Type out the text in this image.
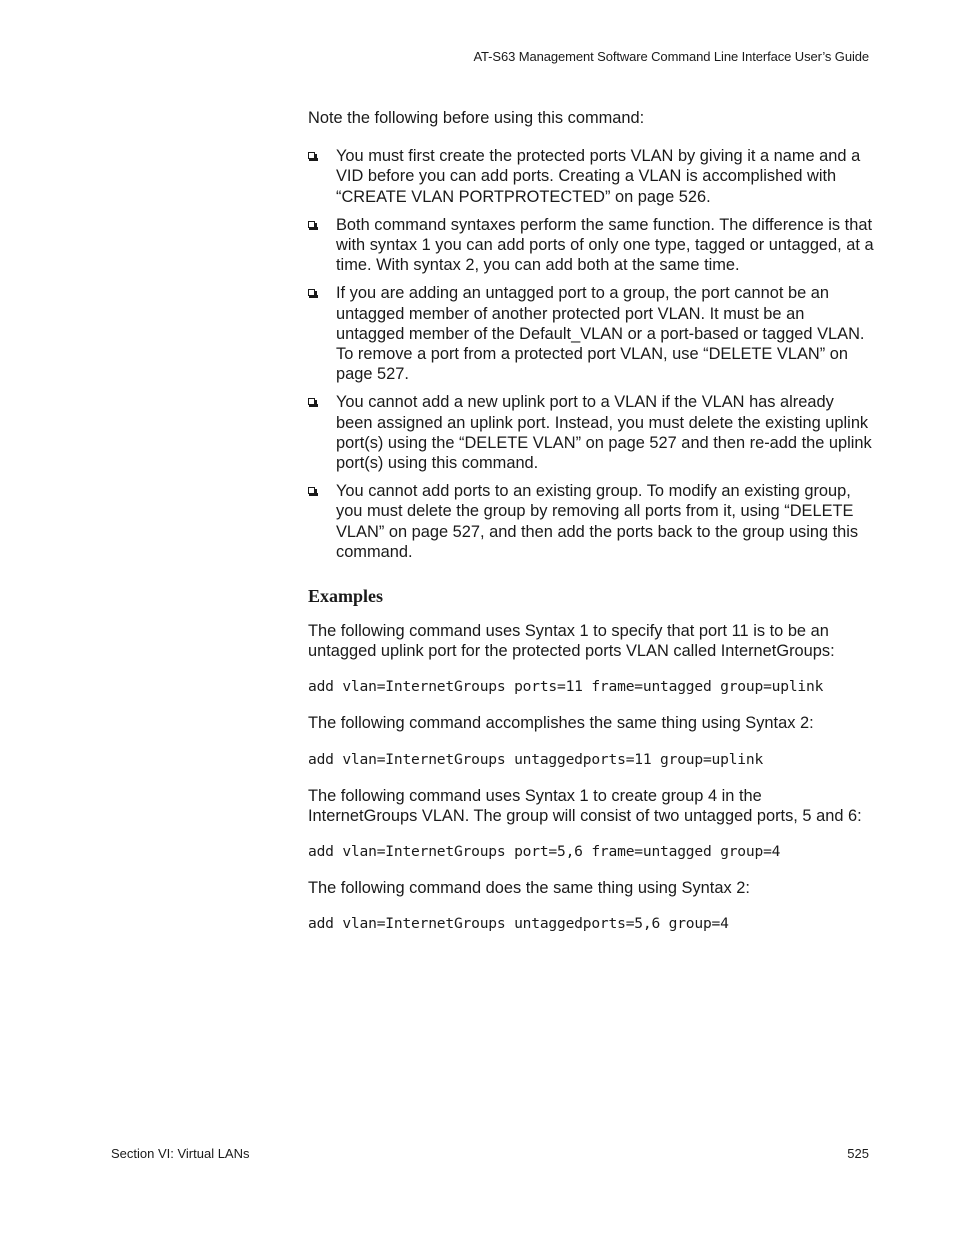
AT-S63 Management Software Command Line Interface User’s Guide

Note the following before using this command:

You must first create the protected ports VLAN by giving it a name and a VID before you can add ports. Creating a VLAN is accomplished with “CREATE VLAN PORTPROTECTED” on page 526.
Both command syntaxes perform the same function. The difference is that with syntax 1 you can add ports of only one type, tagged or untagged, at a time. With syntax 2, you can add both at the same time.
If you are adding an untagged port to a group, the port cannot be an untagged member of another protected port VLAN. It must be an untagged member of the Default_VLAN or a port-based or tagged VLAN. To remove a port from a protected port VLAN, use “DELETE VLAN” on page 527.
You cannot add a new uplink port to a VLAN if the VLAN has already been assigned an uplink port. Instead, you must delete the existing uplink port(s) using the “DELETE VLAN” on page 527 and then re-add the uplink port(s) using this command.
You cannot add ports to an existing group. To modify an existing group, you must delete the group by removing all ports from it, using “DELETE VLAN” on page 527, and then add the ports back to the group using this command.
Examples

The following command uses Syntax 1 to specify that port 11 is to be an untagged uplink port for the protected ports VLAN called InternetGroups:

add vlan=InternetGroups ports=11 frame=untagged group=uplink

The following command accomplishes the same thing using Syntax 2:

add vlan=InternetGroups untaggedports=11 group=uplink

The following command uses Syntax 1 to create group 4 in the InternetGroups VLAN. The group will consist of two untagged ports, 5 and 6:

add vlan=InternetGroups port=5,6 frame=untagged group=4

The following command does the same thing using Syntax 2:

add vlan=InternetGroups untaggedports=5,6 group=4
Section VI: Virtual LANs	525
